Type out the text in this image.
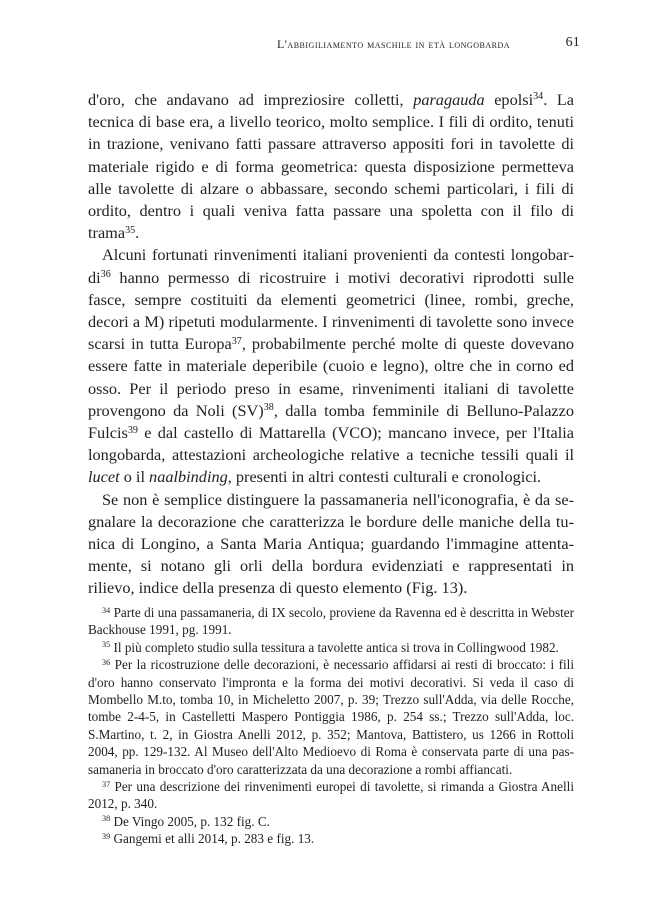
L'abbigiliamento maschile in età longobarda	61

d'oro, che andavano ad impreziosire colletti, paragauda epolsi$^{34}$. La tecnica di base era, a livello teorico, molto semplice. I fili di ordito, tenuti in trazione, venivano fatti passare attraverso appositi fori in tavolette di materiale rigido e di forma geometrica: questa disposizione permetteva alle tavolette di alzare o abbassare, secondo schemi particolari, i fili di ordito, dentro i quali veniva fatta passare una spoletta con il filo di trama$^{35}$.

Alcuni fortunati rinvenimenti italiani provenienti da contesti longobardi$^{36}$ hanno permesso di ricostruire i motivi decorativi riprodotti sulle fasce, sempre costituiti da elementi geometrici (linee, rombi, greche, decori a M) ripetuti modularmente. I rinvenimenti di tavolette sono invece scarsi in tutta Europa$^{37}$, probabilmente perché molte di queste dovevano essere fatte in materiale deperibile (cuoio e legno), oltre che in corno ed osso. Per il periodo preso in esame, rinvenimenti italiani di tavolette provengono da Noli (SV)$^{38}$, dalla tomba femminile di Belluno-Palazzo Fulcis$^{39}$ e dal castello di Mattarella (VCO); mancano invece, per l'Italia longobarda, attestazioni archeologiche relative a tecniche tessili quali il lucet o il naalbinding, presenti in altri contesti culturali e cronologici.

Se non è semplice distinguere la passamaneria nell'iconografia, è da segnalare la decorazione che caratterizza le bordure delle maniche della tunica di Longino, a Santa Maria Antiqua; guardando l'immagine attentamente, si notano gli orli della bordura evidenziati e rappresentati in rilievo, indice della presenza di questo elemento (Fig. 13).

$^{34}$ Parte di una passamaneria, di IX secolo, proviene da Ravenna ed è descritta in Webster Backhouse 1991, pg. 1991.

$^{35}$ Il più completo studio sulla tessitura a tavolette antica si trova in Collingwood 1982.

$^{36}$ Per la ricostruzione delle decorazioni, è necessario affidarsi ai resti di broccato: i fili d'oro hanno conservato l'impronta e la forma dei motivi decorativi. Si veda il caso di Mombello M.to, tomba 10, in Micheletto 2007, p. 39; Trezzo sull'Adda, via delle Rocche, tombe 2-4-5, in Castelletti Maspero Pontiggia 1986, p. 254 ss.; Trezzo sull'Adda, loc. S.Martino, t. 2, in Giostra Anelli 2012, p. 352; Mantova, Battistero, us 1266 in Rottoli 2004, pp. 129-132. Al Museo dell'Alto Medioevo di Roma è conservata parte di una passamaneria in broccato d'oro caratterizzata da una decorazione a rombi affiancati.

$^{37}$ Per una descrizione dei rinvenimenti europei di tavolette, si rimanda a Giostra Anelli 2012, p. 340.

$^{38}$ De Vingo 2005, p. 132 fig. C.

$^{39}$ Gangemi et alli 2014, p. 283 e fig. 13.
